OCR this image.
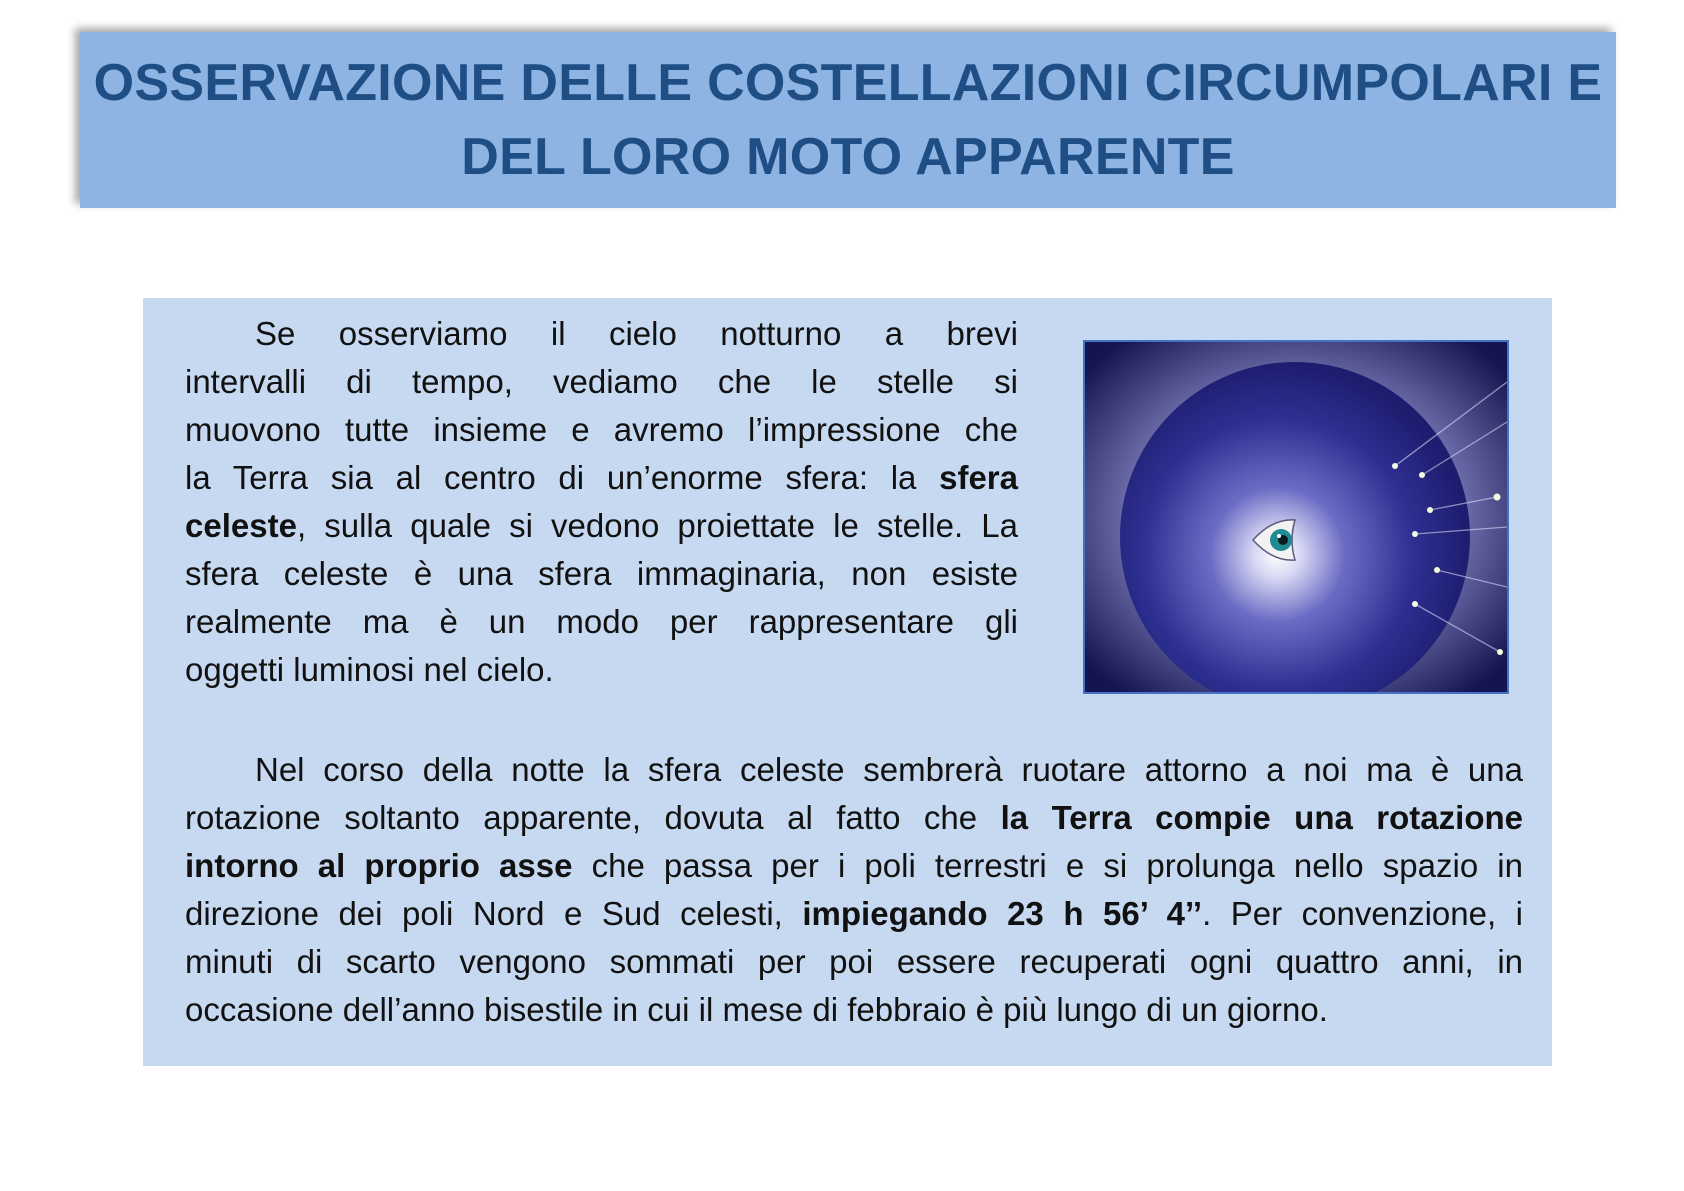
OSSERVAZIONE DELLE COSTELLAZIONI CIRCUMPOLARI E
DEL LORO MOTO APPARENTE

Se osserviamo il cielo notturno a brevi
intervalli di tempo, vediamo che le stelle si
muovono tutte insieme e avremo l’impressione che
la Terra sia al centro di un’enorme sfera: la sfera
celeste, sulla quale si vedono proiettate le stelle. La
sfera celeste è una sfera immaginaria, non esiste
realmente ma è un modo per rappresentare gli
oggetti luminosi nel cielo.

Nel corso della notte la sfera celeste sembrerà ruotare attorno a noi ma è una
rotazione soltanto apparente, dovuta al fatto che la Terra compie una rotazione
intorno al proprio asse che passa per i poli terrestri e si prolunga nello spazio in
direzione dei poli Nord e Sud celesti, impiegando 23 h 56’ 4’’. Per convenzione, i
minuti di scarto vengono sommati per poi essere recuperati ogni quattro anni, in
occasione dell’anno bisestile in cui il mese di febbraio è più lungo di un giorno.
